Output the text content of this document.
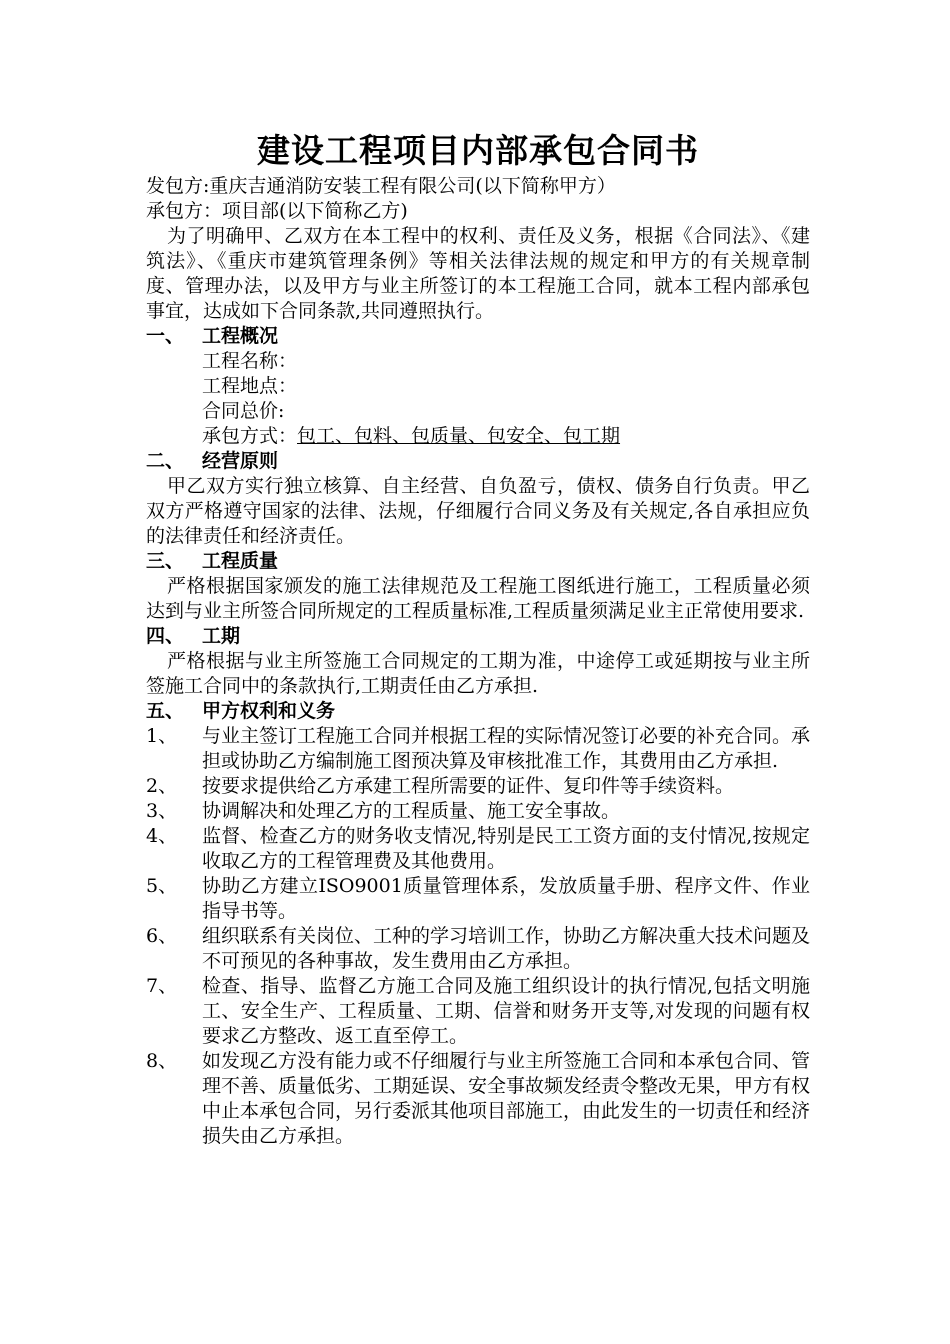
建设工程项目内部承包合同书

发包方:重庆吉通消防安装工程有限公司(以下简称甲方）

承包方：项目部(以下简称乙方)

为了明确甲、乙双方在本工程中的权利、责任及义务，根据《合同法》、《建筑法》、《重庆市建筑管理条例》等相关法律法规的规定和甲方的有关规章制度、管理办法，以及甲方与业主所签订的本工程施工合同，就本工程内部承包事宜，达成如下合同条款,共同遵照执行。

一、 工程概况

工程名称：

工程地点：

合同总价:

承包方式：包工、包料、包质量、包安全、包工期

二、 经营原则

甲乙双方实行独立核算、自主经营、自负盈亏，债权、债务自行负责。甲乙双方严格遵守国家的法律、法规，仔细履行合同义务及有关规定,各自承担应负的法律责任和经济责任。

三、 工程质量

严格根据国家颁发的施工法律规范及工程施工图纸进行施工，工程质量必须达到与业主所签合同所规定的工程质量标准,工程质量须满足业主正常使用要求.

四、 工期

严格根据与业主所签施工合同规定的工期为准，中途停工或延期按与业主所签施工合同中的条款执行,工期责任由乙方承担.

五、 甲方权利和义务
1、	与业主签订工程施工合同并根据工程的实际情况签订必要的补充合同。承担或协助乙方编制施工图预决算及审核批准工作，其费用由乙方承担.
2、	按要求提供给乙方承建工程所需要的证件、复印件等手续资料。
3、	协调解决和处理乙方的工程质量、施工安全事故。
4、	监督、检查乙方的财务收支情况,特别是民工工资方面的支付情况,按规定收取乙方的工程管理费及其他费用。
5、	协助乙方建立ISO9001质量管理体系，发放质量手册、程序文件、作业指导书等。
6、	组织联系有关岗位、工种的学习培训工作，协助乙方解决重大技术问题及不可预见的各种事故，发生费用由乙方承担。
7、	检查、指导、监督乙方施工合同及施工组织设计的执行情况,包括文明施工、安全生产、工程质量、工期、信誉和财务开支等,对发现的问题有权要求乙方整改、返工直至停工。
8、	如发现乙方没有能力或不仔细履行与业主所签施工合同和本承包合同、管理不善、质量低劣、工期延误、安全事故频发经责令整改无果，甲方有权中止本承包合同，另行委派其他项目部施工，由此发生的一切责任和经济损失由乙方承担。
